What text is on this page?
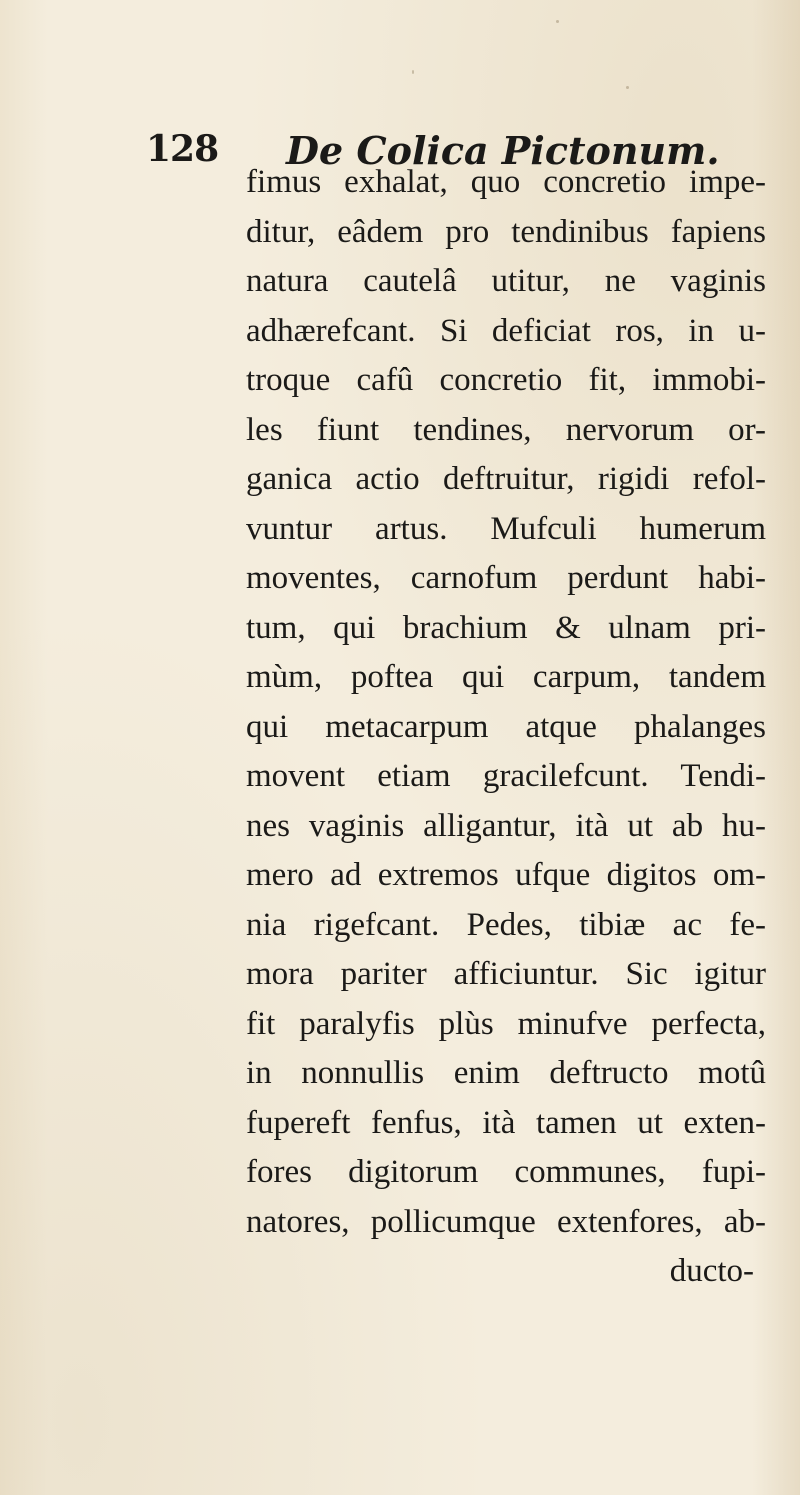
128 De Colica Pictonum.
fimus exhalat, quo concretio impe-
ditur, eâdem pro tendinibus fapiens
natura cautelâ utitur, ne vaginis
adhærefcant. Si deficiat ros, in u-
troque cafû concretio fit, immobi-
les fiunt tendines, nervorum or-
ganica actio deftruitur, rigidi refol-
vuntur artus. Mufculi humerum
moventes, carnofum perdunt habi-
tum, qui brachium & ulnam pri-
mùm, poftea qui carpum, tandem
qui metacarpum atque phalanges
movent etiam gracilefcunt. Tendi-
nes vaginis alligantur, ità ut ab hu-
mero ad extremos ufque digitos om-
nia rigefcant. Pedes, tibiæ ac fe-
mora pariter afficiuntur. Sic igitur
fit paralyfis plùs minufve perfecta,
in nonnullis enim deftructo motû
fupereft fenfus, ità tamen ut exten-
fores digitorum communes, fupi-
natores, pollicumque extenfores, ab-
ducto-
